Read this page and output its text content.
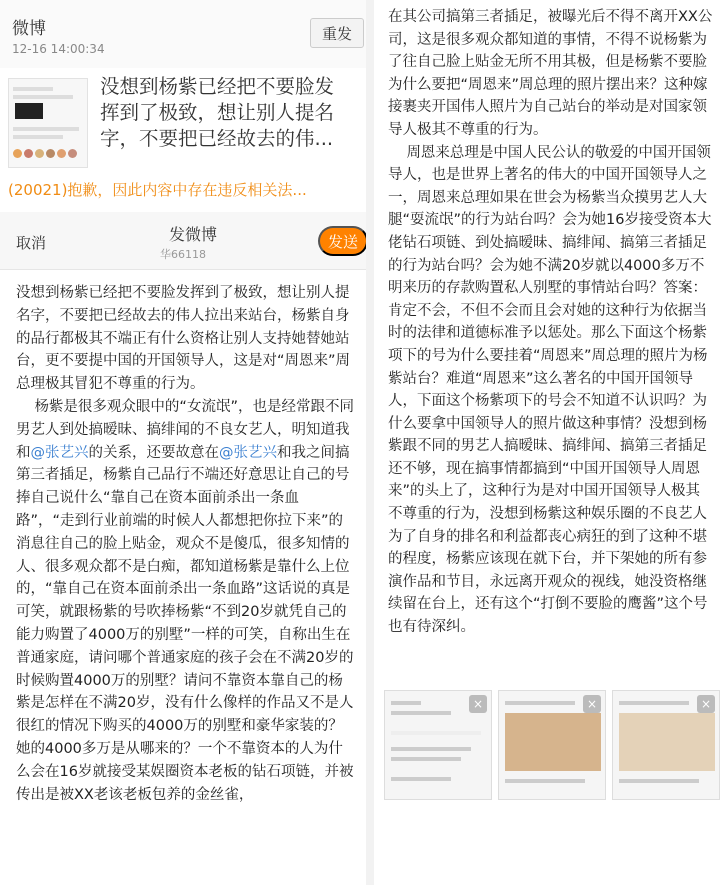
微博
12-16 14:00:34
重发
没想到杨紫已经把不要脸发
挥到了极致，想让别人提名
字，不要把已经故去的伟...
(20021)抱歉，因此内容中存在违反相关法...
取消	发微博
华66118
发送

没想到杨紫已经把不要脸发挥到了极致，想让别人提名字，不要把已经故去的伟人拉出来站台，杨紫自身的品行都极其不端正有什么资格让别人支持她替她站台，更不要提中国的开国领导人，这是对“周恩来”周总理极其冒犯不尊重的行为。

杨紫是很多观众眼中的“女流氓”，也是经常跟不同男艺人到处搞暧昧、搞绯闻的不良女艺人，明知道我和@张艺兴的关系，还要故意在@张艺兴和我之间搞第三者插足，杨紫自己品行不端还好意思让自己的号捧自己说什么“靠自己在资本面前杀出一条血路”，“走到行业前端的时候人人都想把你拉下来”的消息往自己的脸上贴金，观众不是傻瓜，很多知情的人、很多观众都不是白痴，都知道杨紫是靠什么上位的，“靠自己在资本面前杀出一条血路”这话说的真是可笑，就跟杨紫的号吹捧杨紫“不到20岁就凭自己的能力购置了4000万的别墅”一样的可笑，自称出生在普通家庭，请问哪个普通家庭的孩子会在不满20岁的时候购置4000万的别墅？请问不靠资本靠自己的杨紫是怎样在不满20岁，没有什么像样的作品又不是人很红的情况下购买的4000万的别墅和豪华家装的？她的4000多万是从哪来的？一个不靠资本的人为什么会在16岁就接受某娱圈资本老板的钻石项链，并被传出是被XX老该老板包养的金丝雀，

在其公司搞第三者插足，被曝光后不得不离开XX公司，这是很多观众都知道的事情，不得不说杨紫为了往自己脸上贴金无所不用其极，但是杨紫不要脸为什么要把“周恩来”周总理的照片摆出来？这种嫁接裹夹开国伟人照片为自己站台的举动是对国家领导人极其不尊重的行为。

周恩来总理是中国人民公认的敬爱的中国开国领导人，也是世界上著名的伟大的中国开国领导人之一，周恩来总理如果在世会为杨紫当众摸男艺人大腿“耍流氓”的行为站台吗？会为她16岁接受资本大佬钻石项链、到处搞暧昧、搞绯闻、搞第三者插足的行为站台吗？会为她不满20岁就以4000多万不明来历的存款购置私人别墅的事情站台吗？答案：肯定不会，不但不会而且会对她的这种行为依据当时的法律和道德标准予以惩处。那么下面这个杨紫项下的号为什么要挂着“周恩来”周总理的照片为杨紫站台？难道“周恩来”这么著名的中国开国领导人，下面这个杨紫项下的号会不知道不认识吗？为什么要拿中国领导人的照片做这种事情？没想到杨紫跟不同的男艺人搞暧昧、搞绯闻、搞第三者插足还不够，现在搞事情都搞到“中国开国领导人周恩来”的头上了，这种行为是对中国开国领导人极其不尊重的行为，没想到杨紫这种娱乐圈的不良艺人为了自身的排名和利益都丧心病狂的到了这种不堪的程度，杨紫应该现在就下台，并下架她的所有参演作品和节目，永远离开观众的视线，她没资格继续留在台上，还有这个“打倒不要脸的鹰酱”这个号也有待深纠。

×	×	×
